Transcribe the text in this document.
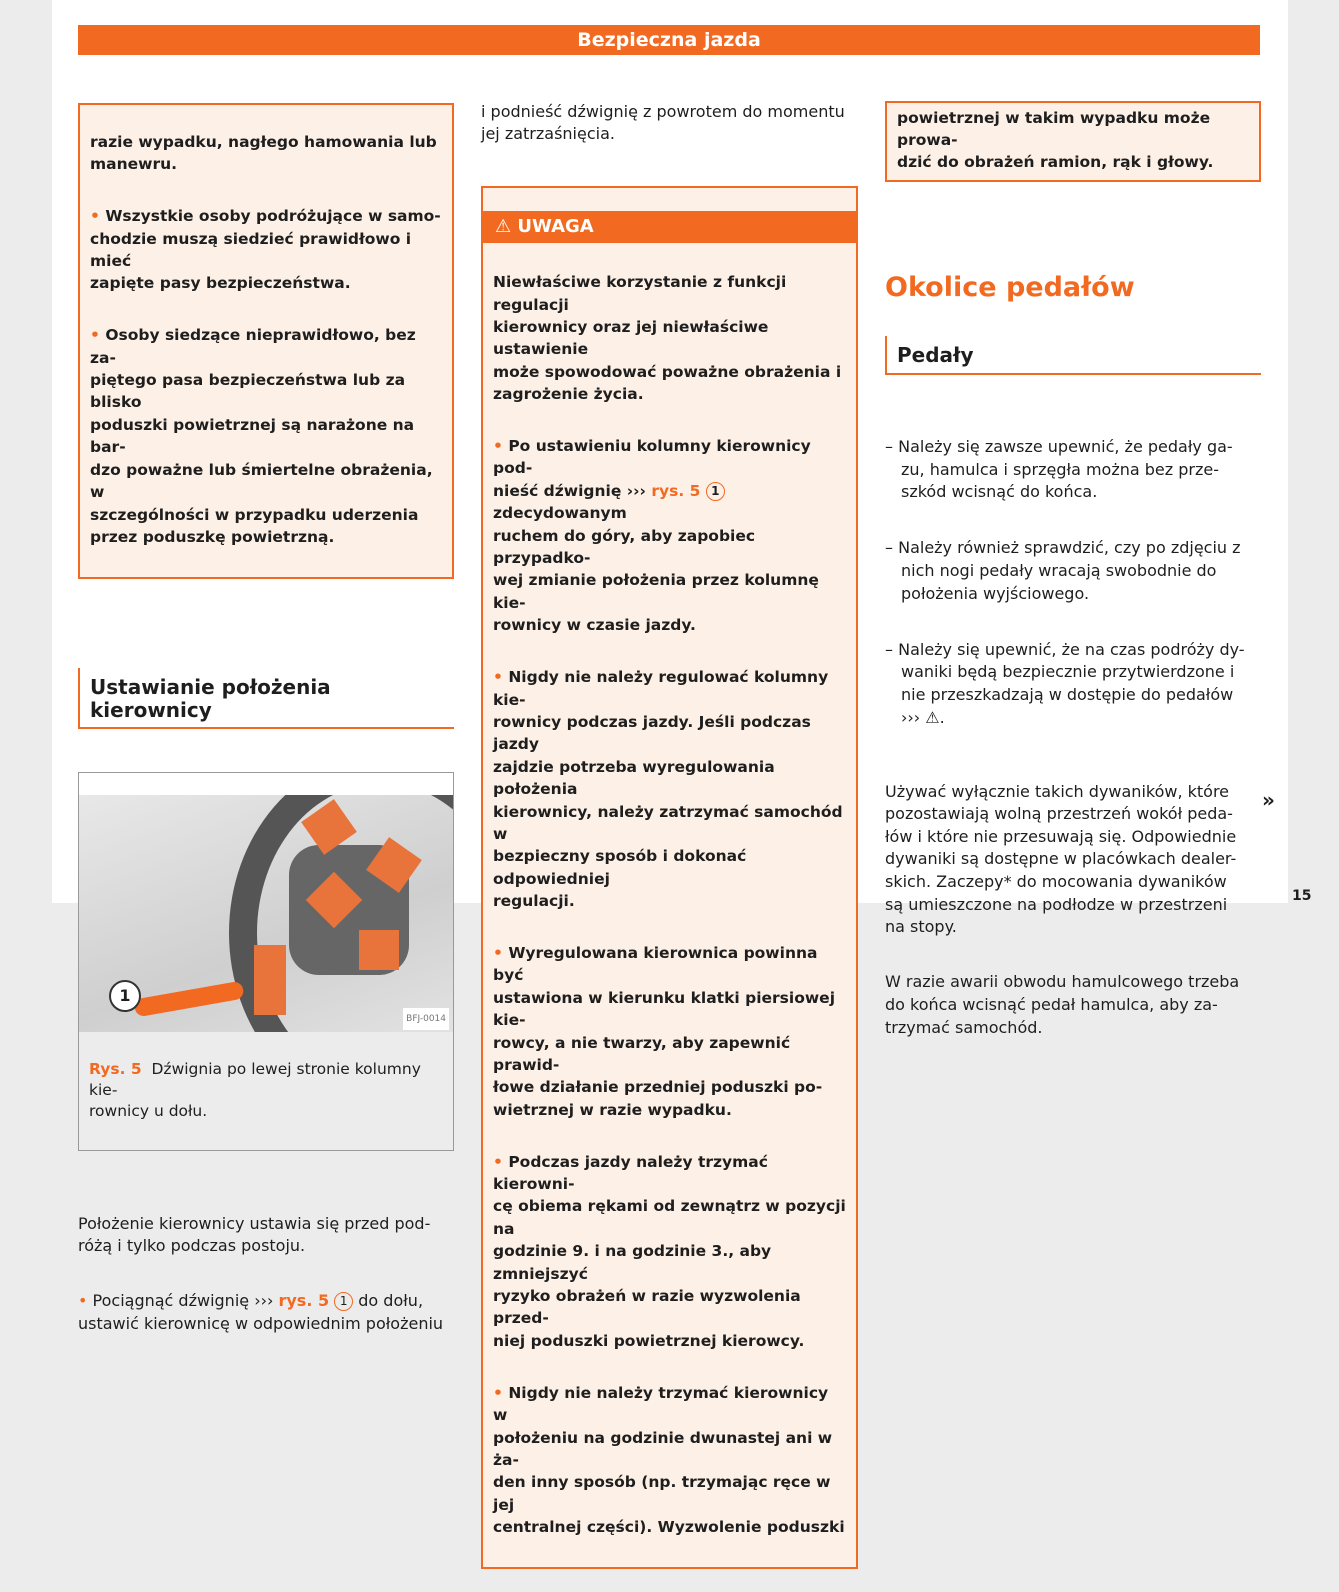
Bezpieczna jazda

razie wypadku, nagłego hamowania lub
manewru.

• Wszystkie osoby podróżujące w samo-
chodzie muszą siedzieć prawidłowo i mieć
zapięte pasy bezpieczeństwa.

• Osoby siedzące nieprawidłowo, bez za-
piętego pasa bezpieczeństwa lub za blisko
poduszki powietrznej są narażone na bar-
dzo poważne lub śmiertelne obrażenia, w
szczególności w przypadku uderzenia
przez poduszkę powietrzną.

Ustawianie położenia kierownicy

1

BFJ-0014

Rys. 5 Dźwignia po lewej stronie kolumny kie-
rownicy u dołu.

Położenie kierownicy ustawia się przed pod-
różą i tylko podczas postoju.

• Pociągnąć dźwignię ››› rys. 5 1 do dołu,
ustawić kierownicę w odpowiednim położeniu

i podnieść dźwignię z powrotem do momentu
jej zatrzaśnięcia.

⚠ UWAGA

Niewłaściwe korzystanie z funkcji regulacji
kierownicy oraz jej niewłaściwe ustawienie
może spowodować poważne obrażenia i
zagrożenie życia.

• Po ustawieniu kolumny kierownicy pod-
nieść dźwignię ››› rys. 5 1 zdecydowanym
ruchem do góry, aby zapobiec przypadko-
wej zmianie położenia przez kolumnę kie-
rownicy w czasie jazdy.

• Nigdy nie należy regulować kolumny kie-
rownicy podczas jazdy. Jeśli podczas jazdy
zajdzie potrzeba wyregulowania położenia
kierownicy, należy zatrzymać samochód w
bezpieczny sposób i dokonać odpowiedniej
regulacji.

• Wyregulowana kierownica powinna być
ustawiona w kierunku klatki piersiowej kie-
rowcy, a nie twarzy, aby zapewnić prawid-
łowe działanie przedniej poduszki po-
wietrznej w razie wypadku.

• Podczas jazdy należy trzymać kierowni-
cę obiema rękami od zewnątrz w pozycji na
godzinie 9. i na godzinie 3., aby zmniejszyć
ryzyko obrażeń w razie wyzwolenia przed-
niej poduszki powietrznej kierowcy.

• Nigdy nie należy trzymać kierownicy w
położeniu na godzinie dwunastej ani w ża-
den inny sposób (np. trzymając ręce w jej
centralnej części). Wyzwolenie poduszki

powietrznej w takim wypadku może prowa-
dzić do obrażeń ramion, rąk i głowy.

Okolice pedałów

Pedały

– Należy się zawsze upewnić, że pedały ga-
zu, hamulca i sprzęgła można bez prze-
szkód wcisnąć do końca.

– Należy również sprawdzić, czy po zdjęciu z
nich nogi pedały wracają swobodnie do
położenia wyjściowego.

– Należy się upewnić, że na czas podróży dy-
waniki będą bezpiecznie przytwierdzone i
nie przeszkadzają w dostępie do pedałów
››› ⚠.

Używać wyłącznie takich dywaników, które
pozostawiają wolną przestrzeń wokół peda-
łów i które nie przesuwają się. Odpowiednie
dywaniki są dostępne w placówkach dealer-
skich. Zaczepy* do mocowania dywaników
są umieszczone na podłodze w przestrzeni
na stopy.

W razie awarii obwodu hamulcowego trzeba
do końca wcisnąć pedał hamulca, aby za-
trzymać samochód.

»
15
